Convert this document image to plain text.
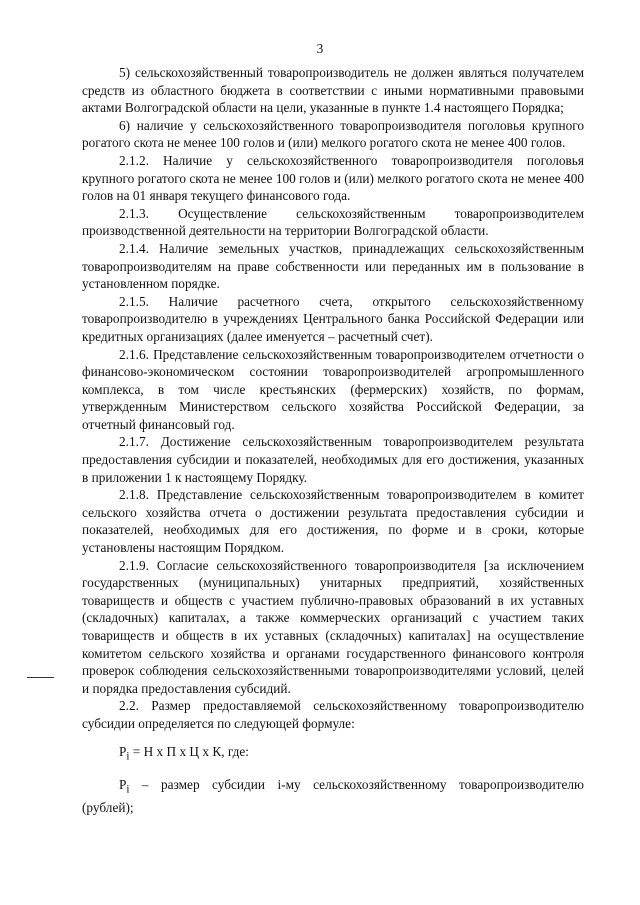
3

5) сельскохозяйственный товаропроизводитель не должен являться получателем средств из областного бюджета в соответствии с иными нормативными правовыми актами Волгоградской области на цели, указанные в пункте 1.4 настоящего Порядка;

6) наличие у сельскохозяйственного товаропроизводителя поголовья крупного рогатого скота не менее 100 голов и (или) мелкого рогатого скота не менее 400 голов.

2.1.2. Наличие у сельскохозяйственного товаропроизводителя поголовья крупного рогатого скота не менее 100 голов и (или) мелкого рогатого скота не менее 400 голов на 01 января текущего финансового года.

2.1.3. Осуществление сельскохозяйственным товаропроизводителем производственной деятельности на территории Волгоградской области.

2.1.4. Наличие земельных участков, принадлежащих сельскохозяйственным товаропроизводителям на праве собственности или переданных им в пользование в установленном порядке.

2.1.5. Наличие расчетного счета, открытого сельскохозяйственному товаропроизводителю в учреждениях Центрального банка Российской Федерации или кредитных организациях (далее именуется – расчетный счет).

2.1.6. Представление сельскохозяйственным товаропроизводителем отчетности о финансово-экономическом состоянии товаропроизводителей агропромышленного комплекса, в том числе крестьянских (фермерских) хозяйств, по формам, утвержденным Министерством сельского хозяйства Российской Федерации, за отчетный финансовый год.

2.1.7. Достижение сельскохозяйственным товаропроизводителем результата предоставления субсидии и показателей, необходимых для его достижения, указанных в приложении 1 к настоящему Порядку.

2.1.8. Представление сельскохозяйственным товаропроизводителем в комитет сельского хозяйства отчета о достижении результата предоставления субсидии и показателей, необходимых для его достижения, по форме и в сроки, которые установлены настоящим Порядком.

2.1.9. Согласие сельскохозяйственного товаропроизводителя [за исключением государственных (муниципальных) унитарных предприятий, хозяйственных товариществ и обществ с участием публично-правовых образований в их уставных (складочных) капиталах, а также коммерческих организаций с участием таких товариществ и обществ в их уставных (складочных) капиталах] на осуществление комитетом сельского хозяйства и органами государственного финансового контроля проверок соблюдения сельскохозяйственными товаропроизводителями условий, целей и порядка предоставления субсидий.

2.2. Размер предоставляемой сельскохозяйственному товаропроизводителю субсидии определяется по следующей формуле:

$P_i = Н$ х П х Ц х К, где:

$P_i$ – размер субсидии i-му сельскохозяйственному товаропроизводителю (рублей);
